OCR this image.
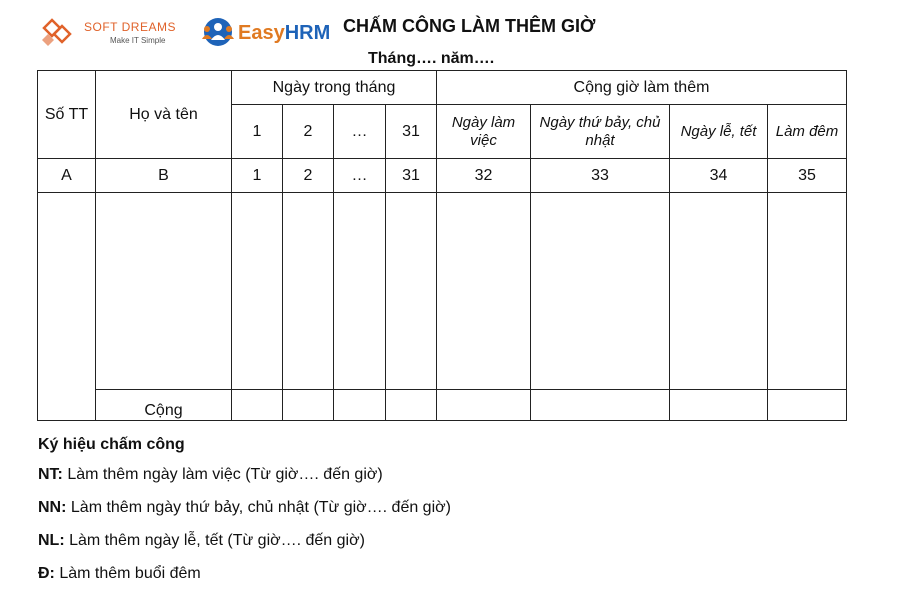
SOFT DREAMS
Make IT Simple	EasyHRM CHẤM CÔNG LÀM THÊM GIỜ
Tháng…. năm….
Số TT	Họ và tên	Ngày trong tháng				Cộng giờ làm thêm			
		1	2	…	31	Ngày làm việc	Ngày thứ bảy, chủ nhật	Ngày lễ, tết	Làm đêm
A	B	1	2	…	31	32	33	34	35

	Cộng								
Ký hiệu chấm công
NT: Làm thêm ngày làm việc (Từ giờ…. đến giờ)
NN: Làm thêm ngày thứ bảy, chủ nhật (Từ giờ…. đến giờ)
NL: Làm thêm ngày lễ, tết (Từ giờ…. đến giờ)
Đ: Làm thêm buổi đêm
